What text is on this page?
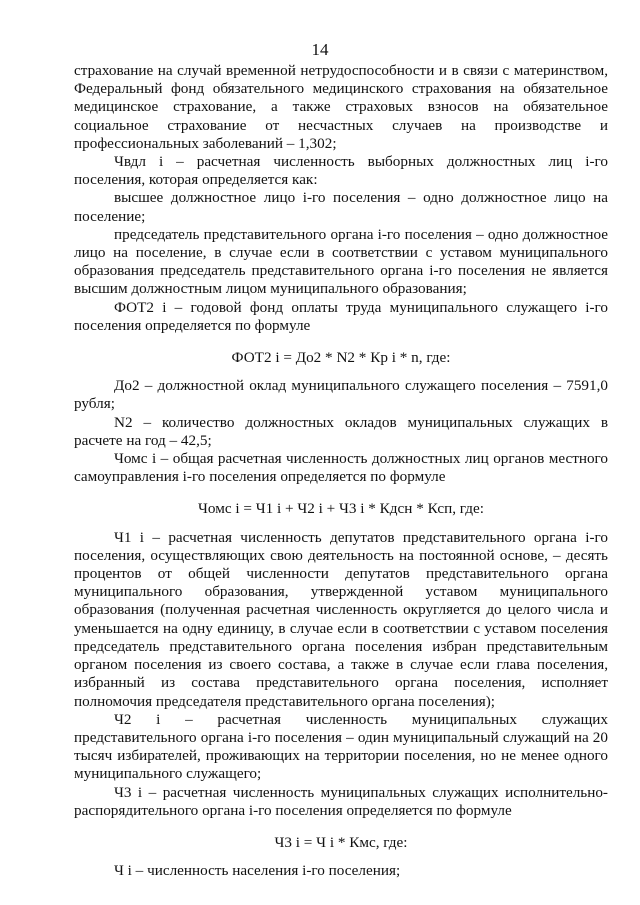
14

страхование на случай временной нетрудоспособности и в связи с материнством, Федеральный фонд обязательного медицинского страхования на обязательное медицинское страхование, а также страховых взносов на обязательное социальное страхование от несчастных случаев на производстве и профессиональных заболеваний – 1,302;

Чвдл i – расчетная численность выборных должностных лиц i-го поселения, которая определяется как:

высшее должностное лицо i-го поселения – одно должностное лицо на поселение;

председатель представительного органа i-го поселения – одно должностное лицо на поселение, в случае если в соответствии с уставом муниципального образования председатель представительного органа i-го поселения не является высшим должностным лицом муниципального образования;

ФОТ2 i – годовой фонд оплаты труда муниципального служащего i-го поселения определяется по формуле

ФОТ2 i = До2 * N2 * Кр i * n, где:

До2 – должностной оклад муниципального служащего поселения – 7591,0 рубля;

N2 – количество должностных окладов муниципальных служащих в расчете на год – 42,5;

Чомс i – общая расчетная численность должностных лиц органов местного самоуправления i-го поселения определяется по формуле

Чомс i = Ч1 i + Ч2 i + Ч3 i * Кдсн * Ксп, где:

Ч1 i – расчетная численность депутатов представительного органа i-го поселения, осуществляющих свою деятельность на постоянной основе, – десять процентов от общей численности депутатов представительного органа муниципального образования, утвержденной уставом муниципального образования (полученная расчетная численность округляется до целого числа и уменьшается на одну единицу, в случае если в соответствии с уставом поселения председатель представительного органа поселения избран представительным органом поселения из своего состава, а также в случае если глава поселения, избранный из состава представительного органа поселения, исполняет полномочия председателя представительного органа поселения);

Ч2 i – расчетная численность муниципальных служащих представительного органа i-го поселения – один муниципальный служащий на 20 тысяч избирателей, проживающих на территории поселения, но не менее одного муниципального служащего;

Ч3 i – расчетная численность муниципальных служащих исполнительно-распорядительного органа i-го поселения определяется по формуле

Ч3 i = Ч i * Кмс, где:

Ч i – численность населения i-го поселения;
